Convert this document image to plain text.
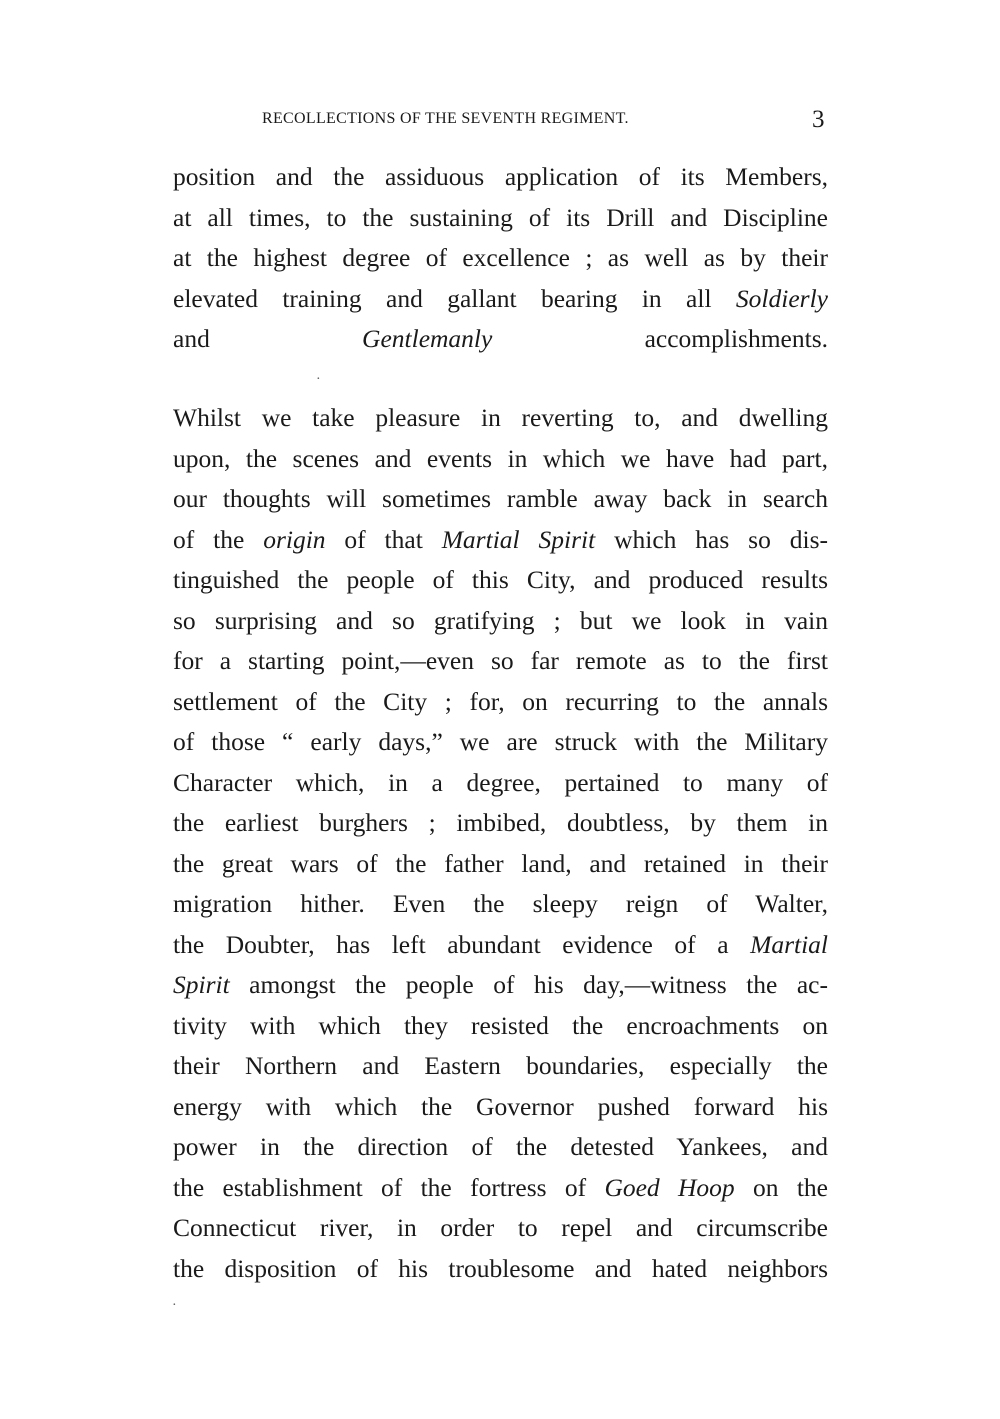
RECOLLECTIONS OF THE SEVENTH REGIMENT.	3
position and the assiduous application of its Members,
at all times, to the sustaining of its Drill and Discipline
at the highest degree of excellence ; as well as by their
elevated training and gallant bearing in all Soldierly
and Gentlemanly accomplishments.
Whilst we take pleasure in reverting to, and dwelling
upon, the scenes and events in which we have had part,
our thoughts will sometimes ramble away back in search
of the origin of that Martial Spirit which has so dis-
tinguished the people of this City, and produced results
so surprising and so gratifying ; but we look in vain
for a starting point,—even so far remote as to the first
settlement of the City ; for, on recurring to the annals
of those “ early days,” we are struck with the Military
Character which, in a degree, pertained to many of
the earliest burghers ; imbibed, doubtless, by them in
the great wars of the father land, and retained in their
migration hither. Even the sleepy reign of Walter,
the Doubter, has left abundant evidence of a Martial
Spirit amongst the people of his day,—witness the ac-
tivity with which they resisted the encroachments on
their Northern and Eastern boundaries, especially the
energy with which the Governor pushed forward his
power in the direction of the detested Yankees, and
the establishment of the fortress of Goed Hoop on the
Connecticut river, in order to repel and circumscribe
the disposition of his troublesome and hated neighbors
·
·
